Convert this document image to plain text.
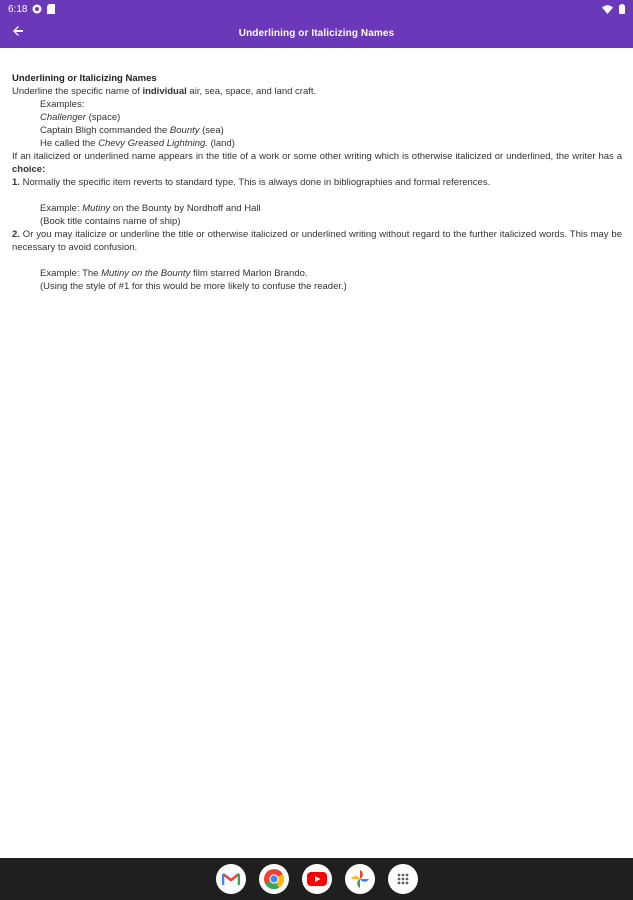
6:18
Underlining or Italicizing Names

Underlining or Italicizing Names

Underline the specific name of individual air, sea, space, and land craft.

Examples:

Challenger (space)

Captain Bligh commanded the Bounty (sea)

He called the Chevy Greased Lightning. (land)

If an italicized or underlined name appears in the title of a work or some other writing which is otherwise italicized or underlined, the writer has a choice:

1. Normally the specific item reverts to standard type. This is always done in bibliographies and formal references.

Example: Mutiny on the Bounty by Nordhoff and Hall

(Book title contains name of ship)

2. Or you may italicize or underline the title or otherwise italicized or underlined writing without regard to the further italicized words. This may be necessary to avoid confusion.

Example: The Mutiny on the Bounty film starred Marlon Brando.

(Using the style of #1 for this would be more likely to confuse the reader.)
